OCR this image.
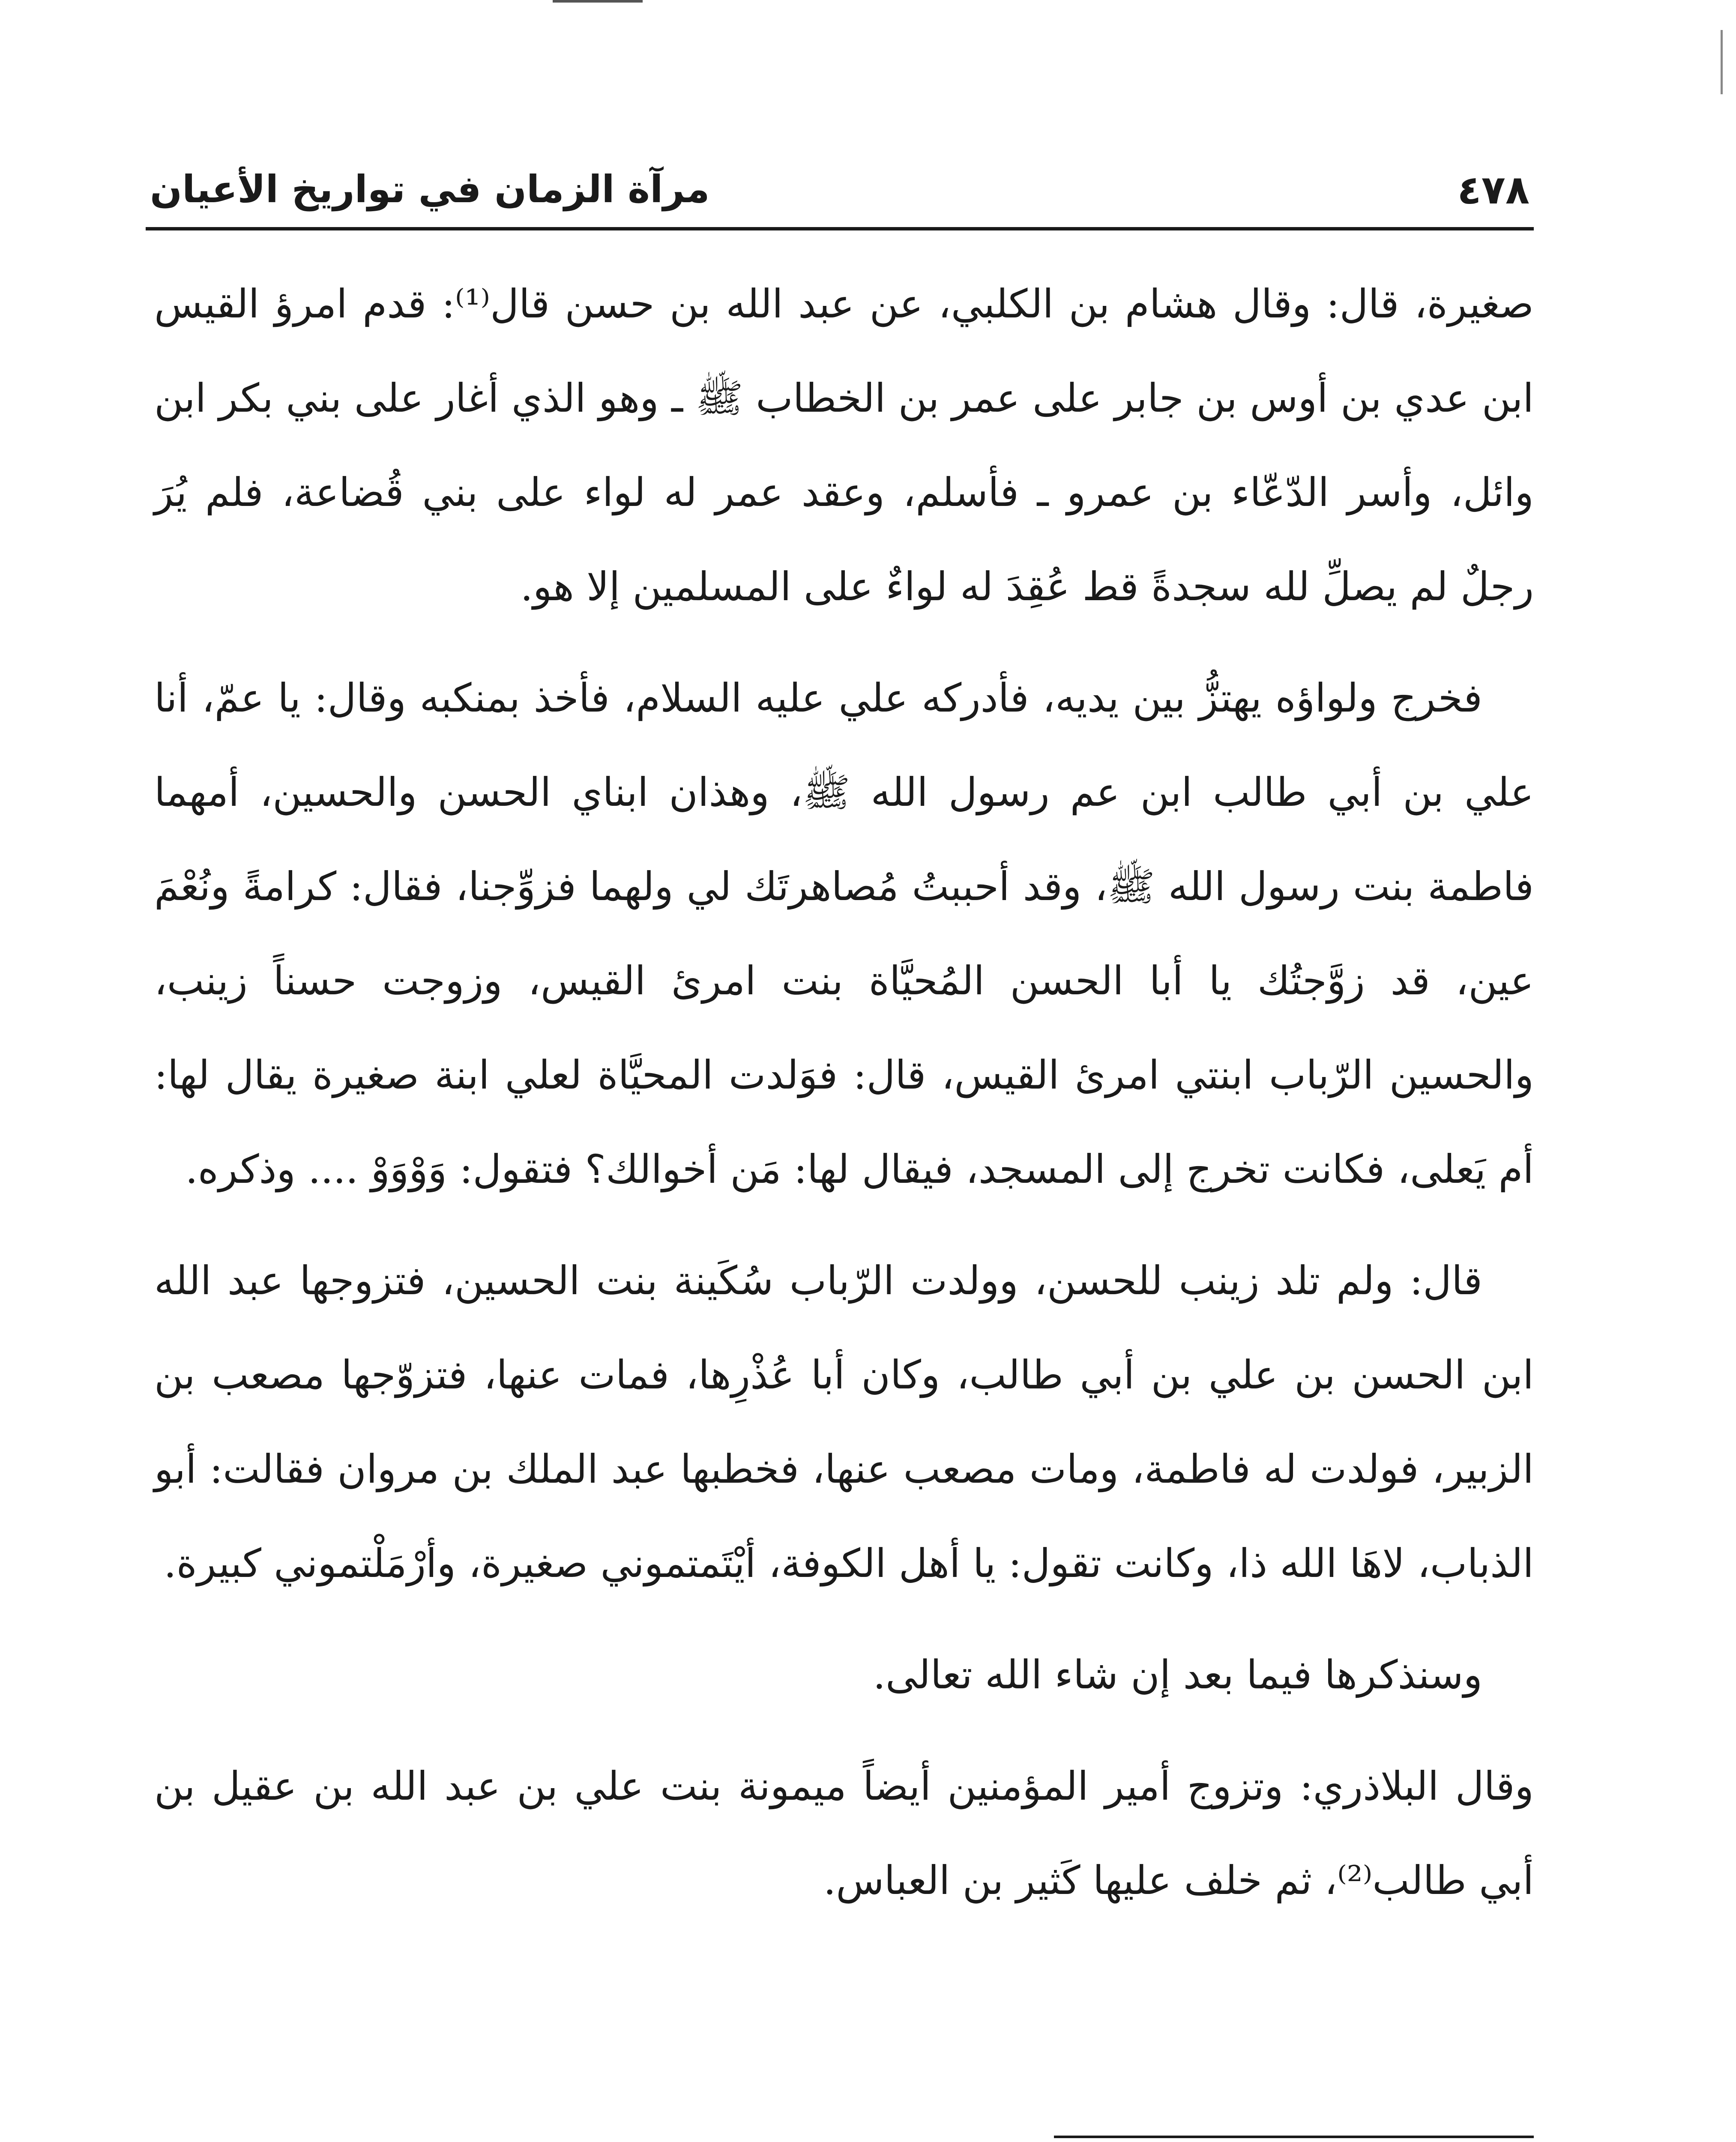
٤٧٨
مرآة الزمان في تواريخ الأعيان

صغيرة، قال: وقال هشام بن الكلبي، عن عبد الله بن حسن قال⁽¹⁾: قدم امرؤ القيس ابن عدي بن أوس بن جابر على عمر بن الخطاب ﷺ ـ وهو الذي أغار على بني بكر ابن وائل، وأسر الدّعّاء بن عمرو ـ فأسلم، وعقد عمر له لواء على بني قُضاعة، فلم يُرَ رجلٌ لم يصلِّ لله سجدةً قط عُقِدَ له لواءٌ على المسلمين إلا هو.

فخرج ولواؤه يهتزُّ بين يديه، فأدركه علي عليه السلام، فأخذ بمنكبه وقال: يا عمّ، أنا علي بن أبي طالب ابن عم رسول الله ﷺ، وهذان ابناي الحسن والحسين، أمهما فاطمة بنت رسول الله ﷺ، وقد أحببتُ مُصاهرتَك لي ولهما فزوِّجنا، فقال: كرامةً ونُعْمَ عين، قد زوَّجتُك يا أبا الحسن المُحيَّاة بنت امرئ القيس، وزوجت حسناً زينب، والحسين الرّباب ابنتي امرئ القيس، قال: فوَلدت المحيَّاة لعلي ابنة صغيرة يقال لها: أم يَعلى، فكانت تخرج إلى المسجد، فيقال لها: مَن أخوالك؟ فتقول: وَوْوَوْ .... وذكره.

قال: ولم تلد زينب للحسن، وولدت الرّباب سُكَينة بنت الحسين، فتزوجها عبد الله ابن الحسن بن علي بن أبي طالب، وكان أبا عُذْرِها، فمات عنها، فتزوّجها مصعب بن الزبير، فولدت له فاطمة، ومات مصعب عنها، فخطبها عبد الملك بن مروان فقالت: أبو الذباب، لاهَا الله ذا، وكانت تقول: يا أهل الكوفة، أيْتَمتموني صغيرة، وأرْمَلْتموني كبيرة.

وسنذكرها فيما بعد إن شاء الله تعالى.

وقال البلاذري: وتزوج أمير المؤمنين أيضاً ميمونة بنت علي بن عبد الله بن عقيل بن أبي طالب⁽²⁾، ثم خلف عليها كَثير بن العباس.
